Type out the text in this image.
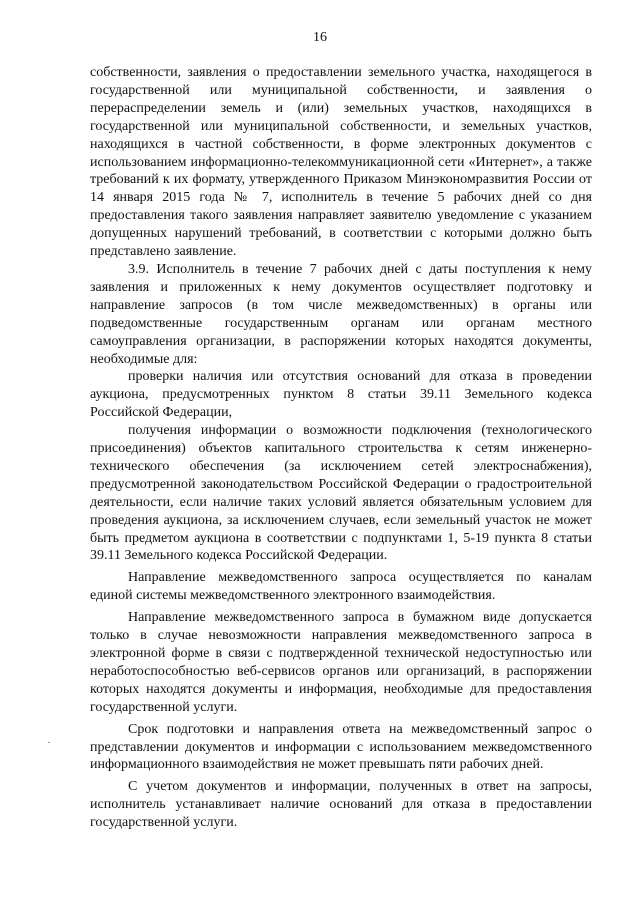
16

собственности, заявления о предоставлении земельного участка, находящегося в государственной или муниципальной собственности, и заявления о перераспределении земель и (или) земельных участков, находящихся в государственной или муниципальной собственности, и земельных участков, находящихся в частной собственности, в форме электронных документов с использованием информационно-телекоммуникационной сети «Интернет», а также требований к их формату, утвержденного Приказом Минэкономразвития России от 14 января 2015 года № 7, исполнитель в течение 5 рабочих дней со дня предоставления такого заявления направляет заявителю уведомление с указанием допущенных нарушений требований, в соответствии с которыми должно быть представлено заявление.

3.9. Исполнитель в течение 7 рабочих дней с даты поступления к нему заявления и приложенных к нему документов осуществляет подготовку и направление запросов (в том числе межведомственных) в органы или подведомственные государственным органам или органам местного самоуправления организации, в распоряжении которых находятся документы, необходимые для:

проверки наличия или отсутствия оснований для отказа в проведении аукциона, предусмотренных пунктом 8 статьи 39.11 Земельного кодекса Российской Федерации,

получения информации о возможности подключения (технологического присоединения) объектов капитального строительства к сетям инженерно-технического обеспечения (за исключением сетей электроснабжения), предусмотренной законодательством Российской Федерации о градостроительной деятельности, если наличие таких условий является обязательным условием для проведения аукциона, за исключением случаев, если земельный участок не может быть предметом аукциона в соответствии с подпунктами 1, 5-19 пункта 8 статьи 39.11 Земельного кодекса Российской Федерации.

Направление межведомственного запроса осуществляется по каналам единой системы межведомственного электронного взаимодействия.

Направление межведомственного запроса в бумажном виде допускается только в случае невозможности направления межведомственного запроса в электронной форме в связи с подтвержденной технической недоступностью или неработоспособностью веб-сервисов органов или организаций, в распоряжении которых находятся документы и информация, необходимые для предоставления государственной услуги.

Срок подготовки и направления ответа на межведомственный запрос о представлении документов и информации с использованием межведомственного информационного взаимодействия не может превышать пяти рабочих дней.

С учетом документов и информации, полученных в ответ на запросы, исполнитель устанавливает наличие оснований для отказа в предоставлении государственной услуги.
